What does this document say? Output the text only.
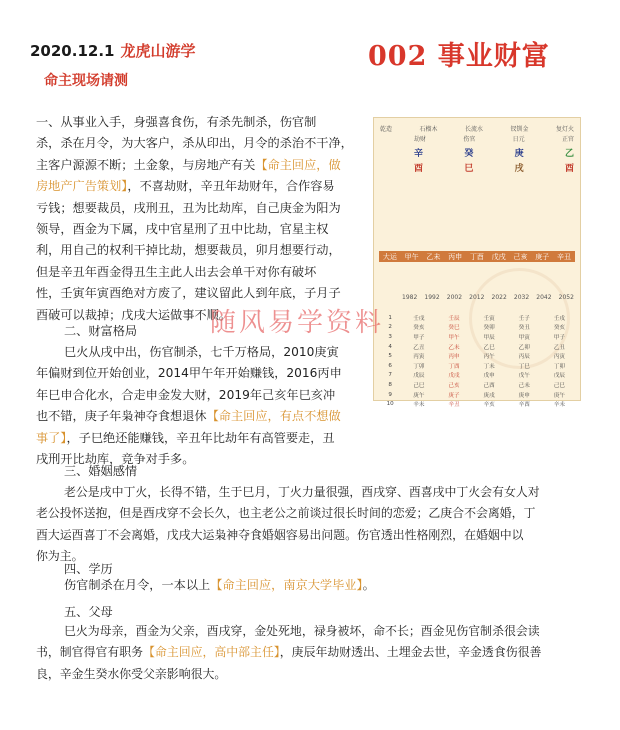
2020.12.1 龙虎山游学
命主现场请测
002 事业财富
一、从事业入手，身强喜食伤，有杀先制杀，伤官制
杀，杀在月令，为大客户，杀从印出，月令的杀治不干净，
主客户源源不断；土金象，与房地产有关【命主回应，做
房地产广告策划】，不喜劫财，辛丑年劫财年，合作容易
亏钱；想要裁员，戌刑丑，丑为比劫库，自己庚金为阳为
领导，酉金为下属，戌中官星刑了丑中比劫，官星主权
利，用自己的权利干掉比劫，想要裁员，卯月想要行动，
但是辛丑年酉金得丑生主此人出去会单干对你有破坏
性，壬寅年寅酉绝对方废了，建议留此人到年底，子月子
酉破可以裁掉；戊戌大运做事不顺。
二、财富格局
巳火从戌中出，伤官制杀，七千万格局，2010庚寅
年偏财到位开始创业，2014甲午年开始赚钱，2016丙申
年巳申合化水，合走申金发大财，2019年己亥年巳亥冲
也不错，庚子年枭神夺食想退休【命主回应，有点不想做
事了】，子巳绝还能赚钱，辛丑年比劫年有高管要走，丑
戌刑开比劫库，竞争对手多。
三、婚姻感情
老公是戌中丁火，长得不错，生于巳月，丁火力量很强，酉戌穿、酉喜戌中丁火会有女人对
老公投怀送抱，但是酉戌穿不会长久，也主老公之前谈过很长时间的恋爱；乙庚合不会离婚，丁
酉大运酉喜丁不会离婚，戊戌大运枭神夺食婚姻容易出问题。伤官透出性格刚烈，在婚姻中以
你为主。
四、学历
伤官制杀在月令，一本以上【命主回应，南京大学毕业】。
五、父母
巳火为母亲，酉金为父亲，酉戌穿，金处死地，禄身被坏，命不长；酉金见伤官制杀很会读
书，制官得官有职务【命主回应，高中部主任】，庚辰年劫财透出、土埋金去世，辛金透食伤很善
良，辛金生癸水你受父亲影响很大。
乾造	石榴木	长流水	钗钏金	复灯火
劫财	伤官	日元	正官
辛	癸	庚	乙
酉	巳	戌	酉
大运 甲午 乙未 丙申 丁酉 戊戌 己亥 庚子 辛丑
1982 1992 2002 2012 2022 2032 2042 2052
1	壬戌	壬辰	壬寅	壬子	壬戌
2	癸亥	癸巳	癸卯	癸丑	癸亥
3	甲子	甲午	甲辰	甲寅	甲子
4	乙丑	乙未	乙巳	乙卯	乙丑
5	丙寅	丙申	丙午	丙辰	丙寅
6	丁卯	丁酉	丁未	丁巳	丁卯
7	戊辰	戊戌	戊申	戊午	戊辰
8	己巳	己亥	己酉	己未	己巳
9	庚午	庚子	庚戌	庚申	庚午
10	辛未	辛丑	辛亥	辛酉	辛未
随风易学资料
